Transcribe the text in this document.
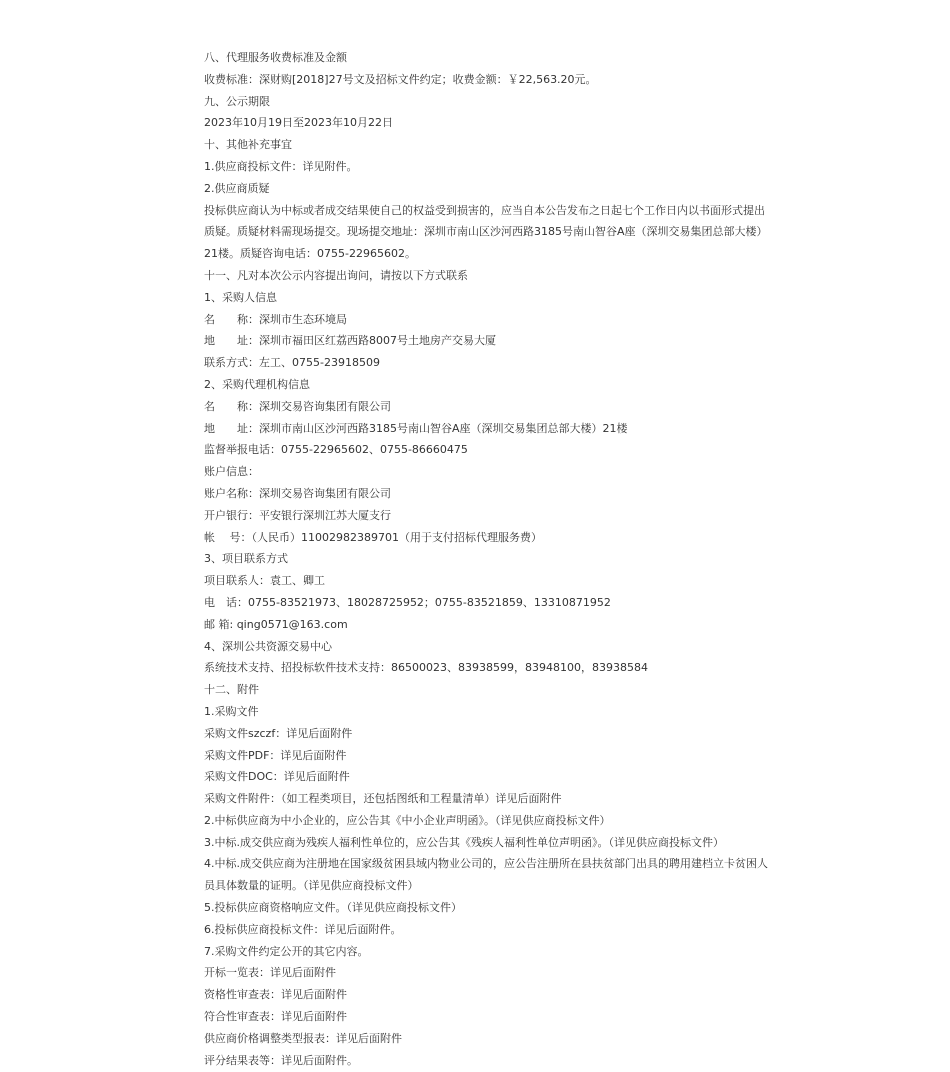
八、代理服务收费标准及金额
收费标准：深财购[2018]27号文及招标文件约定；收费金额：￥22,563.20元。
九、公示期限
2023年10月19日至2023年10月22日
十、其他补充事宜
1.供应商投标文件：详见附件。
2.供应商质疑
投标供应商认为中标或者成交结果使自己的权益受到损害的，应当自本公告发布之日起七个工作日内以书面形式提出质疑。质疑材料需现场提交。现场提交地址：深圳市南山区沙河西路3185号南山智谷A座（深圳交易集团总部大楼）21楼。质疑咨询电话：0755-22965602。
十一、凡对本次公示内容提出询问，请按以下方式联系
1、采购人信息
名　　称：深圳市生态环境局
地　　址：深圳市福田区红荔西路8007号土地房产交易大厦
联系方式：左工、0755-23918509
2、采购代理机构信息
名　　称：深圳交易咨询集团有限公司
地　　址：深圳市南山区沙河西路3185号南山智谷A座（深圳交易集团总部大楼）21楼
监督举报电话：0755-22965602、0755-86660475
账户信息：
账户名称：深圳交易咨询集团有限公司
开户银行：平安银行深圳江苏大厦支行
帐　 号：（人民币）11002982389701（用于支付招标代理服务费）
3、项目联系方式
项目联系人：袁工、卿工
电　话：0755-83521973、18028725952；0755-83521859、13310871952
邮 箱: qing0571@163.com
4、深圳公共资源交易中心
系统技术支持、招投标软件技术支持：86500023、83938599，83948100，83938584
十二、附件
1.采购文件
采购文件szczf：详见后面附件
采购文件PDF：详见后面附件
采购文件DOC：详见后面附件
采购文件附件：（如工程类项目，还包括图纸和工程量清单）详见后面附件
2.中标供应商为中小企业的，应公告其《中小企业声明函》。（详见供应商投标文件）
3.中标.成交供应商为残疾人福利性单位的，应公告其《残疾人福利性单位声明函》。（详见供应商投标文件）
4.中标.成交供应商为注册地在国家级贫困县域内物业公司的，应公告注册所在县扶贫部门出具的聘用建档立卡贫困人员具体数量的证明。（详见供应商投标文件）
5.投标供应商资格响应文件。（详见供应商投标文件）
6.投标供应商投标文件：详见后面附件。
7.采购文件约定公开的其它内容。
开标一览表：详见后面附件
资格性审查表：详见后面附件
符合性审查表：详见后面附件
供应商价格调整类型报表：详见后面附件
评分结果表等：详见后面附件。
